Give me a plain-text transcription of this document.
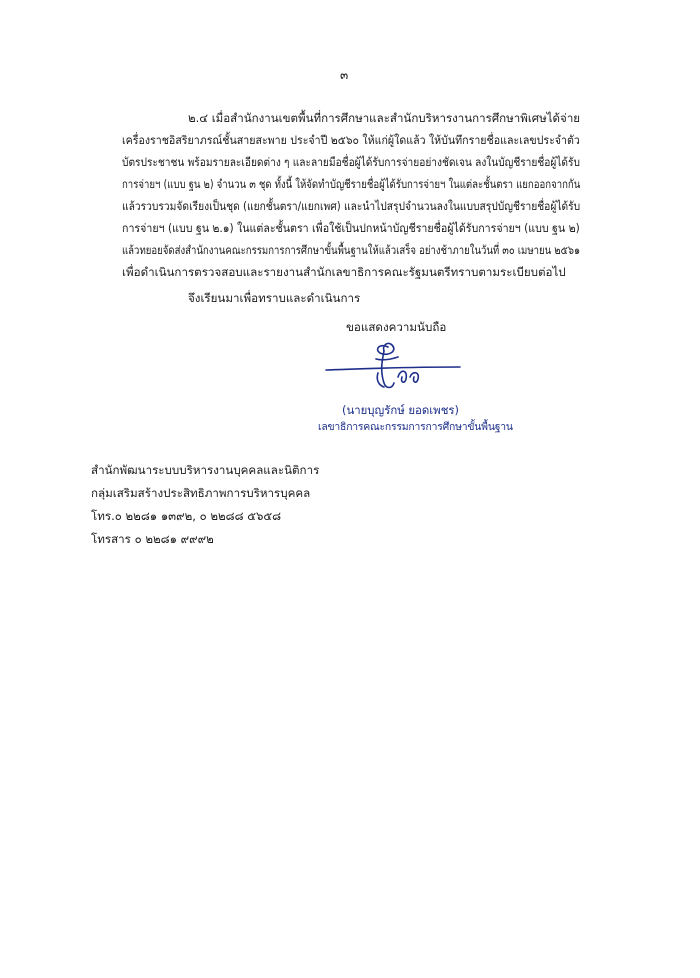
๓
๒.๔ เมื่อสำนักงานเขตพื้นที่การศึกษาและสำนักบริหารงานการศึกษาพิเศษได้จ่าย
เครื่องราชอิสริยาภรณ์ชั้นสายสะพาย ประจำปี ๒๕๖๐ ให้แก่ผู้ใดแล้ว ให้บันทึกรายชื่อและเลขประจำตัว
บัตรประชาชน พร้อมรายละเอียดต่าง ๆ และลายมือชื่อผู้ได้รับการจ่ายอย่างชัดเจน ลงในบัญชีรายชื่อผู้ได้รับ
การจ่ายฯ (แบบ ฐน ๒) จำนวน ๓ ชุด ทั้งนี้ ให้จัดทำบัญชีรายชื่อผู้ได้รับการจ่ายฯ ในแต่ละชั้นตรา แยกออกจากกัน
แล้วรวบรวมจัดเรียงเป็นชุด (แยกชั้นตรา/แยกเพศ) และนำไปสรุปจำนวนลงในแบบสรุปบัญชีรายชื่อผู้ได้รับ
การจ่ายฯ (แบบ ฐน ๒.๑) ในแต่ละชั้นตรา เพื่อใช้เป็นปกหน้าบัญชีรายชื่อผู้ได้รับการจ่ายฯ (แบบ ฐน ๒)
แล้วทยอยจัดส่งสำนักงานคณะกรรมการการศึกษาขั้นพื้นฐานให้แล้วเสร็จ อย่างช้าภายในวันที่ ๓๐ เมษายน ๒๕๖๑
เพื่อดำเนินการตรวจสอบและรายงานสำนักเลขาธิการคณะรัฐมนตรีทราบตามระเบียบต่อไป
จึงเรียนมาเพื่อทราบและดำเนินการ
ขอแสดงความนับถือ
(นายบุญรักษ์ ยอดเพชร)
เลขาธิการคณะกรรมการการศึกษาขั้นพื้นฐาน
สำนักพัฒนาระบบบริหารงานบุคคลและนิติการ
กลุ่มเสริมสร้างประสิทธิภาพการบริหารบุคคล
โทร.๐ ๒๒๘๑ ๑๓๙๒, ๐ ๒๒๘๘ ๕๖๕๘
โทรสาร ๐ ๒๒๘๑ ๙๙๙๒
